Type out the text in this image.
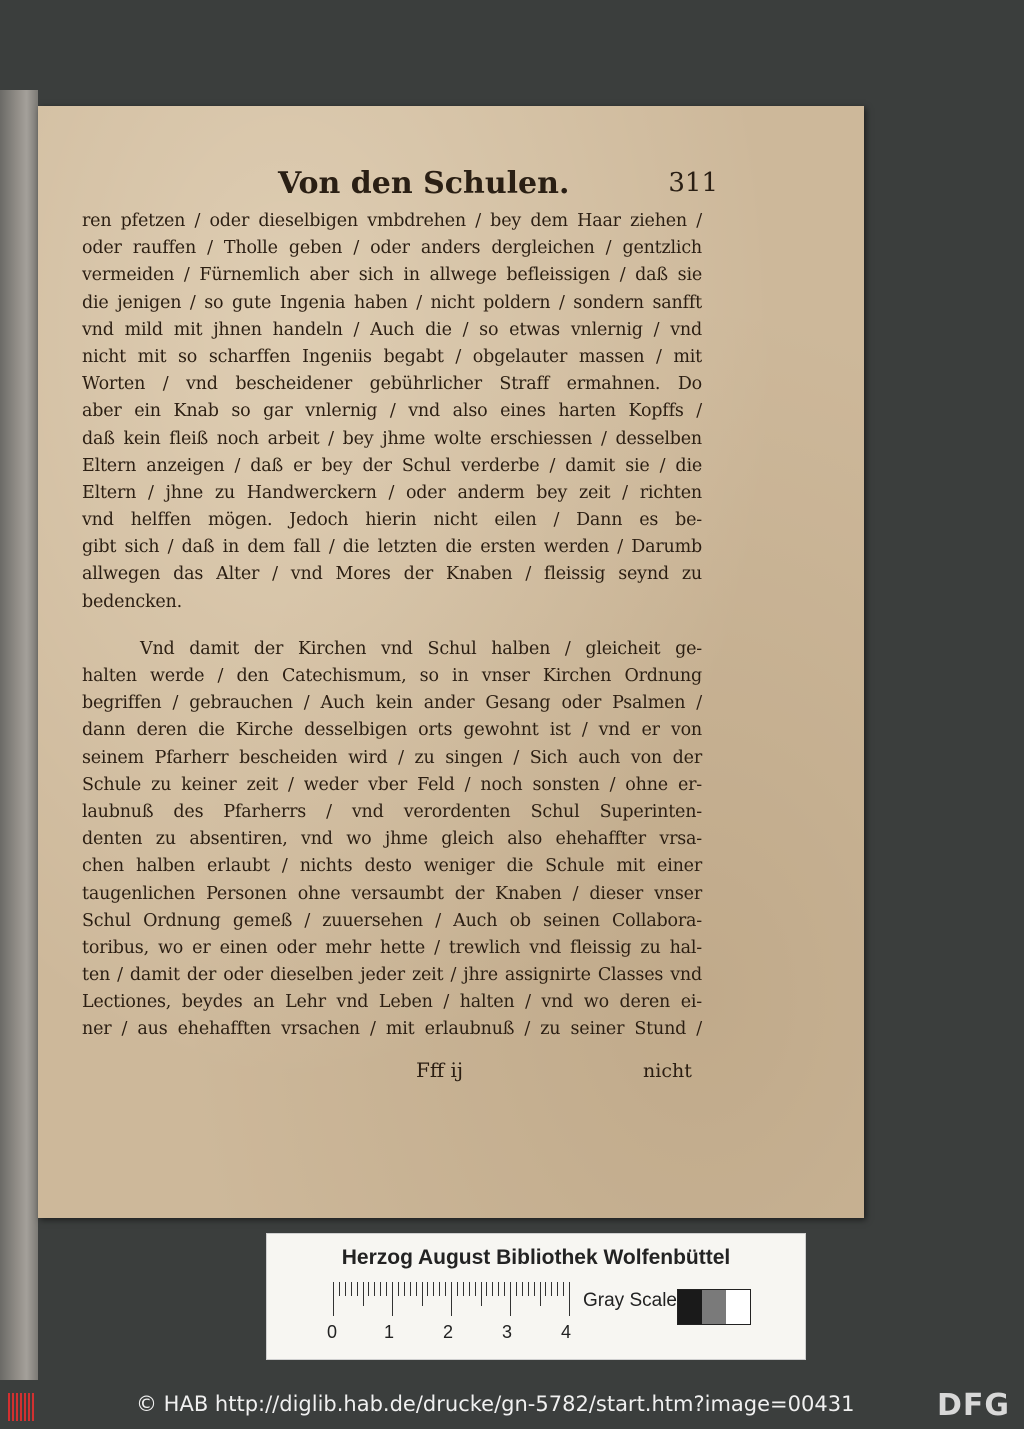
Von den Schulen.	311
ren pfetzen / oder dieselbigen vmbdrehen / bey dem Haar ziehen /
oder rauffen / Tholle geben / oder anders dergleichen / gentzlich
vermeiden / Fürnemlich aber sich in allwege befleissigen / daß sie
die jenigen / so gute Ingenia haben / nicht poldern / sondern sanfft
vnd mild mit jhnen handeln / Auch die / so etwas vnlernig / vnd
nicht mit so scharffen Ingeniis begabt / obgelauter massen / mit
Worten / vnd bescheidener gebührlicher Straff ermahnen. Do
aber ein Knab so gar vnlernig / vnd also eines harten Kopffs /
daß kein fleiß noch arbeit / bey jhme wolte erschiessen / desselben
Eltern anzeigen / daß er bey der Schul verderbe / damit sie / die
Eltern / jhne zu Handwerckern / oder anderm bey zeit / richten
vnd helffen mögen. Jedoch hierin nicht eilen / Dann es be-
gibt sich / daß in dem fall / die letzten die ersten werden / Darumb
allwegen das Alter / vnd Mores der Knaben / fleissig seynd zu
bedencken.
Vnd damit der Kirchen vnd Schul halben / gleicheit ge-
halten werde / den Catechismum, so in vnser Kirchen Ordnung
begriffen / gebrauchen / Auch kein ander Gesang oder Psalmen /
dann deren die Kirche desselbigen orts gewohnt ist / vnd er von
seinem Pfarherr bescheiden wird / zu singen / Sich auch von der
Schule zu keiner zeit / weder vber Feld / noch sonsten / ohne er-
laubnuß des Pfarherrs / vnd verordenten Schul Superinten-
denten zu absentiren, vnd wo jhme gleich also ehehaffter vrsa-
chen halben erlaubt / nichts desto weniger die Schule mit einer
taugenlichen Personen ohne versaumbt der Knaben / dieser vnser
Schul Ordnung gemeß / zuuersehen / Auch ob seinen Collabora-
toribus, wo er einen oder mehr hette / trewlich vnd fleissig zu hal-
ten / damit der oder dieselben jeder zeit / jhre assignirte Classes vnd
Lectiones, beydes an Lehr vnd Leben / halten / vnd wo deren ei-
ner / aus ehehafften vrsachen / mit erlaubnuß / zu seiner Stund /
Fff ij	nicht
Herzog August Bibliothek Wolfenbüttel
0	1	2	3	4
Gray Scale
© HAB http://diglib.hab.de/drucke/gn-5782/start.htm?image=00431	DFG
